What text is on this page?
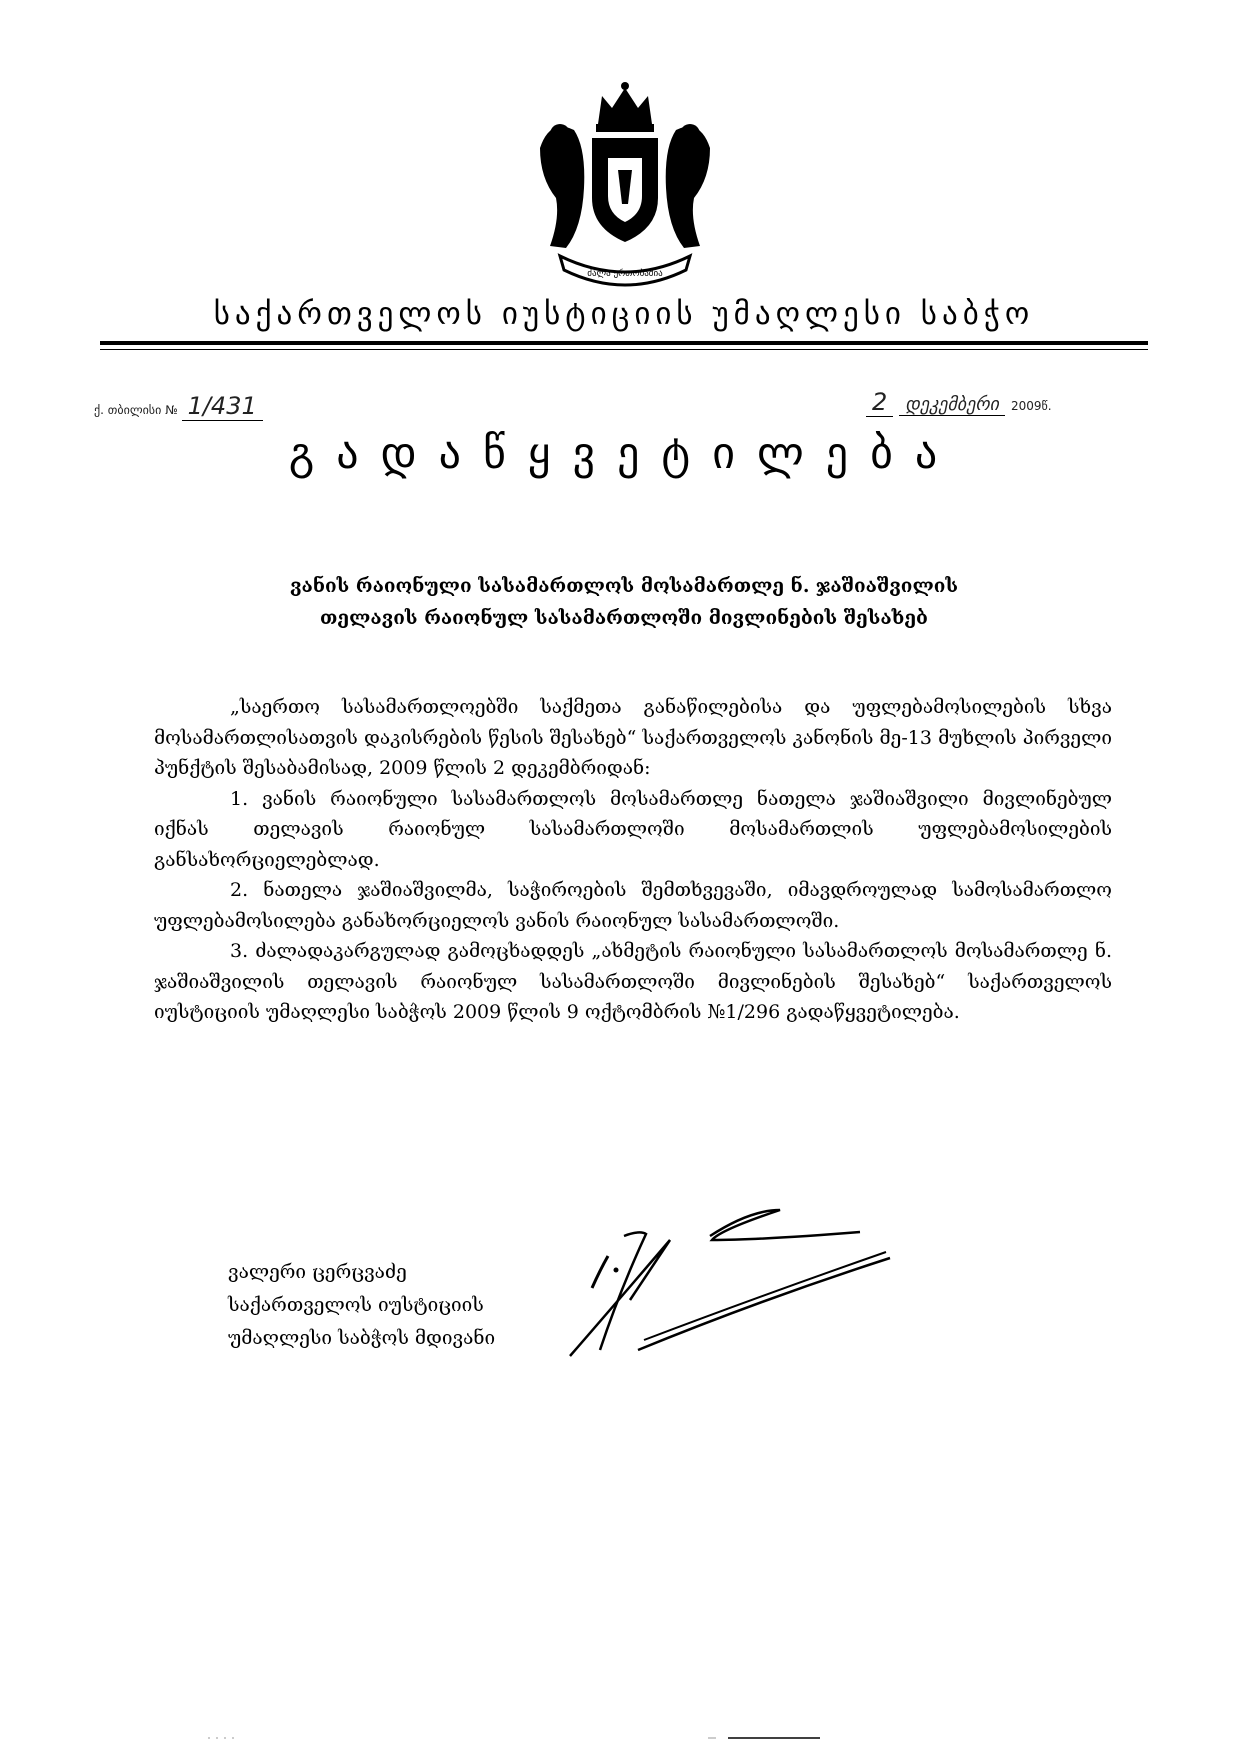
ძალა ერთობაშია
საქართველოს იუსტიციის უმაღლესი საბჭო
ქ. თბილისი № 1/431	2 დეკემბერი 2009წ.
გადაწყვეტილება
ვანის რაიონული სასამართლოს მოსამართლე ნ. ჯაშიაშვილის
თელავის რაიონულ სასამართლოში მივლინების შესახებ

„საერთო სასამართლოებში საქმეთა განაწილებისა და უფლებამოსილების სხვა მოსამართლისათვის დაკისრების წესის შესახებ“ საქართველოს კანონის მე-13 მუხლის პირველი პუნქტის შესაბამისად, 2009 წლის 2 დეკემბრიდან:

1. ვანის რაიონული სასამართლოს მოსამართლე ნათელა ჯაშიაშვილი მივლინებულ იქნას თელავის რაიონულ სასამართლოში მოსამართლის უფლებამოსილების განსახორციელებლად.

2. ნათელა ჯაშიაშვილმა, საჭიროების შემთხვევაში, იმავდროულად სამოსამართლო უფლებამოსილება განახორციელოს ვანის რაიონულ სასამართლოში.

3. ძალადაკარგულად გამოცხადდეს „ახმეტის რაიონული სასამართლოს მოსამართლე ნ. ჯაშიაშვილის თელავის რაიონულ სასამართლოში მივლინების შესახებ“ საქართველოს იუსტიციის უმაღლესი საბჭოს 2009 წლის 9 ოქტომბრის №1/296 გადაწყვეტილება.

ვალერი ცერცვაძე
საქართველოს იუსტიციის
უმაღლესი საბჭოს მდივანი
